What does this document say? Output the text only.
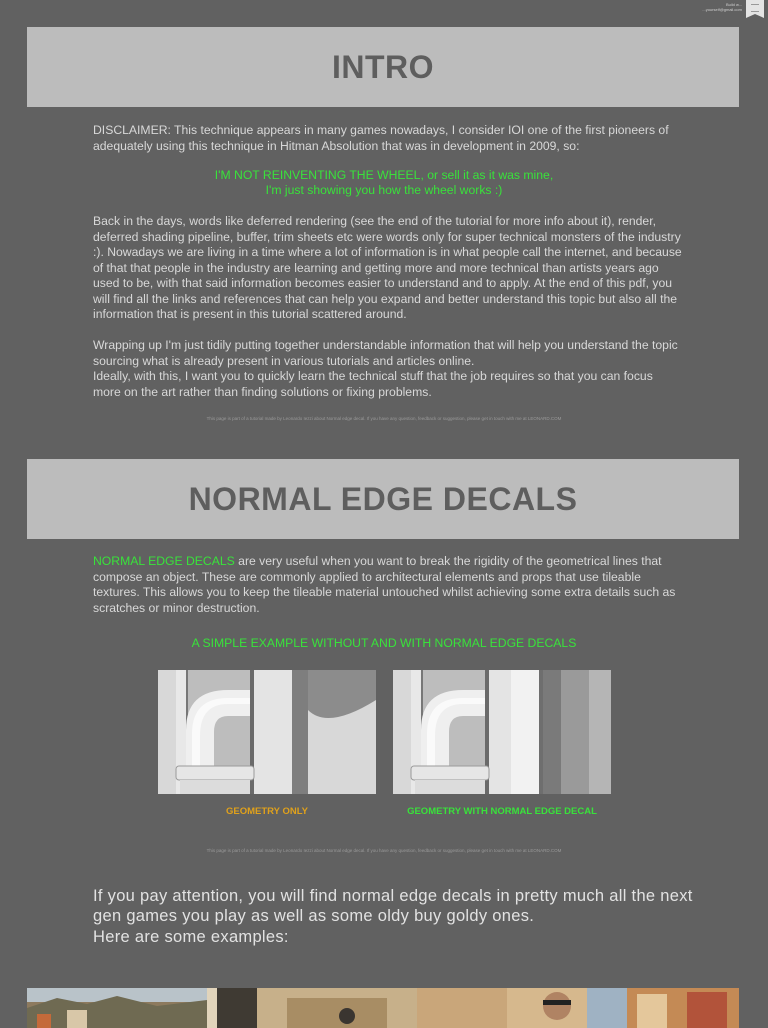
Build w...
...yourself@gmail.com
INTRO
DISCLAIMER: This technique appears in many games nowadays, I consider IOI one of the first pioneers of adequately using this technique in Hitman Absolution that was in development in 2009, so:
I'M NOT REINVENTING THE WHEEL, or sell it as it was mine,
I'm just showing you how the wheel works :)
Back in the days, words like deferred rendering (see the end of the tutorial for more info about it), render, deferred shading pipeline, buffer, trim sheets etc were words only for super technical monsters of the industry :). Nowadays we are living in a time where a lot of information is in what people call the internet, and because of that that people in the industry are learning and getting more and more technical than artists years ago used to be, with that said information becomes easier to understand and to apply. At the end of this pdf, you will find all the links and references that can help you expand and better understand this topic but also all the information that is present in this tutorial scattered around.
Wrapping up I'm just tidily putting together understandable information that will help you understand the topic sourcing what is already present in various tutorials and articles online.
Ideally, with this, I want you to quickly learn the technical stuff that the job requires so that you can focus more on the art rather than finding solutions or fixing problems.
This page is part of a tutorial made by Leonardo Iezzi about Normal edge decal. If you have any question, feedback or suggestion, please get in touch with me at LEONARD.COM
NORMAL EDGE DECALS
NORMAL EDGE DECALS are very useful when you want to break the rigidity of the geometrical lines that compose an object. These are commonly applied to architectural elements and props that use tileable textures. This allows you to keep the tileable material untouched whilst achieving some extra details such as scratches or minor destruction.
A SIMPLE EXAMPLE WITHOUT AND WITH NORMAL EDGE DECALS
GEOMETRY ONLY	GEOMETRY WITH NORMAL EDGE DECAL
This page is part of a tutorial made by Leonardo Iezzi about Normal edge decal. If you have any question, feedback or suggestion, please get in touch with me at LEONARD.COM
If you pay attention, you will find normal edge decals in pretty much all the next gen games you play as well as some oldy buy goldy ones.
Here are some examples:
